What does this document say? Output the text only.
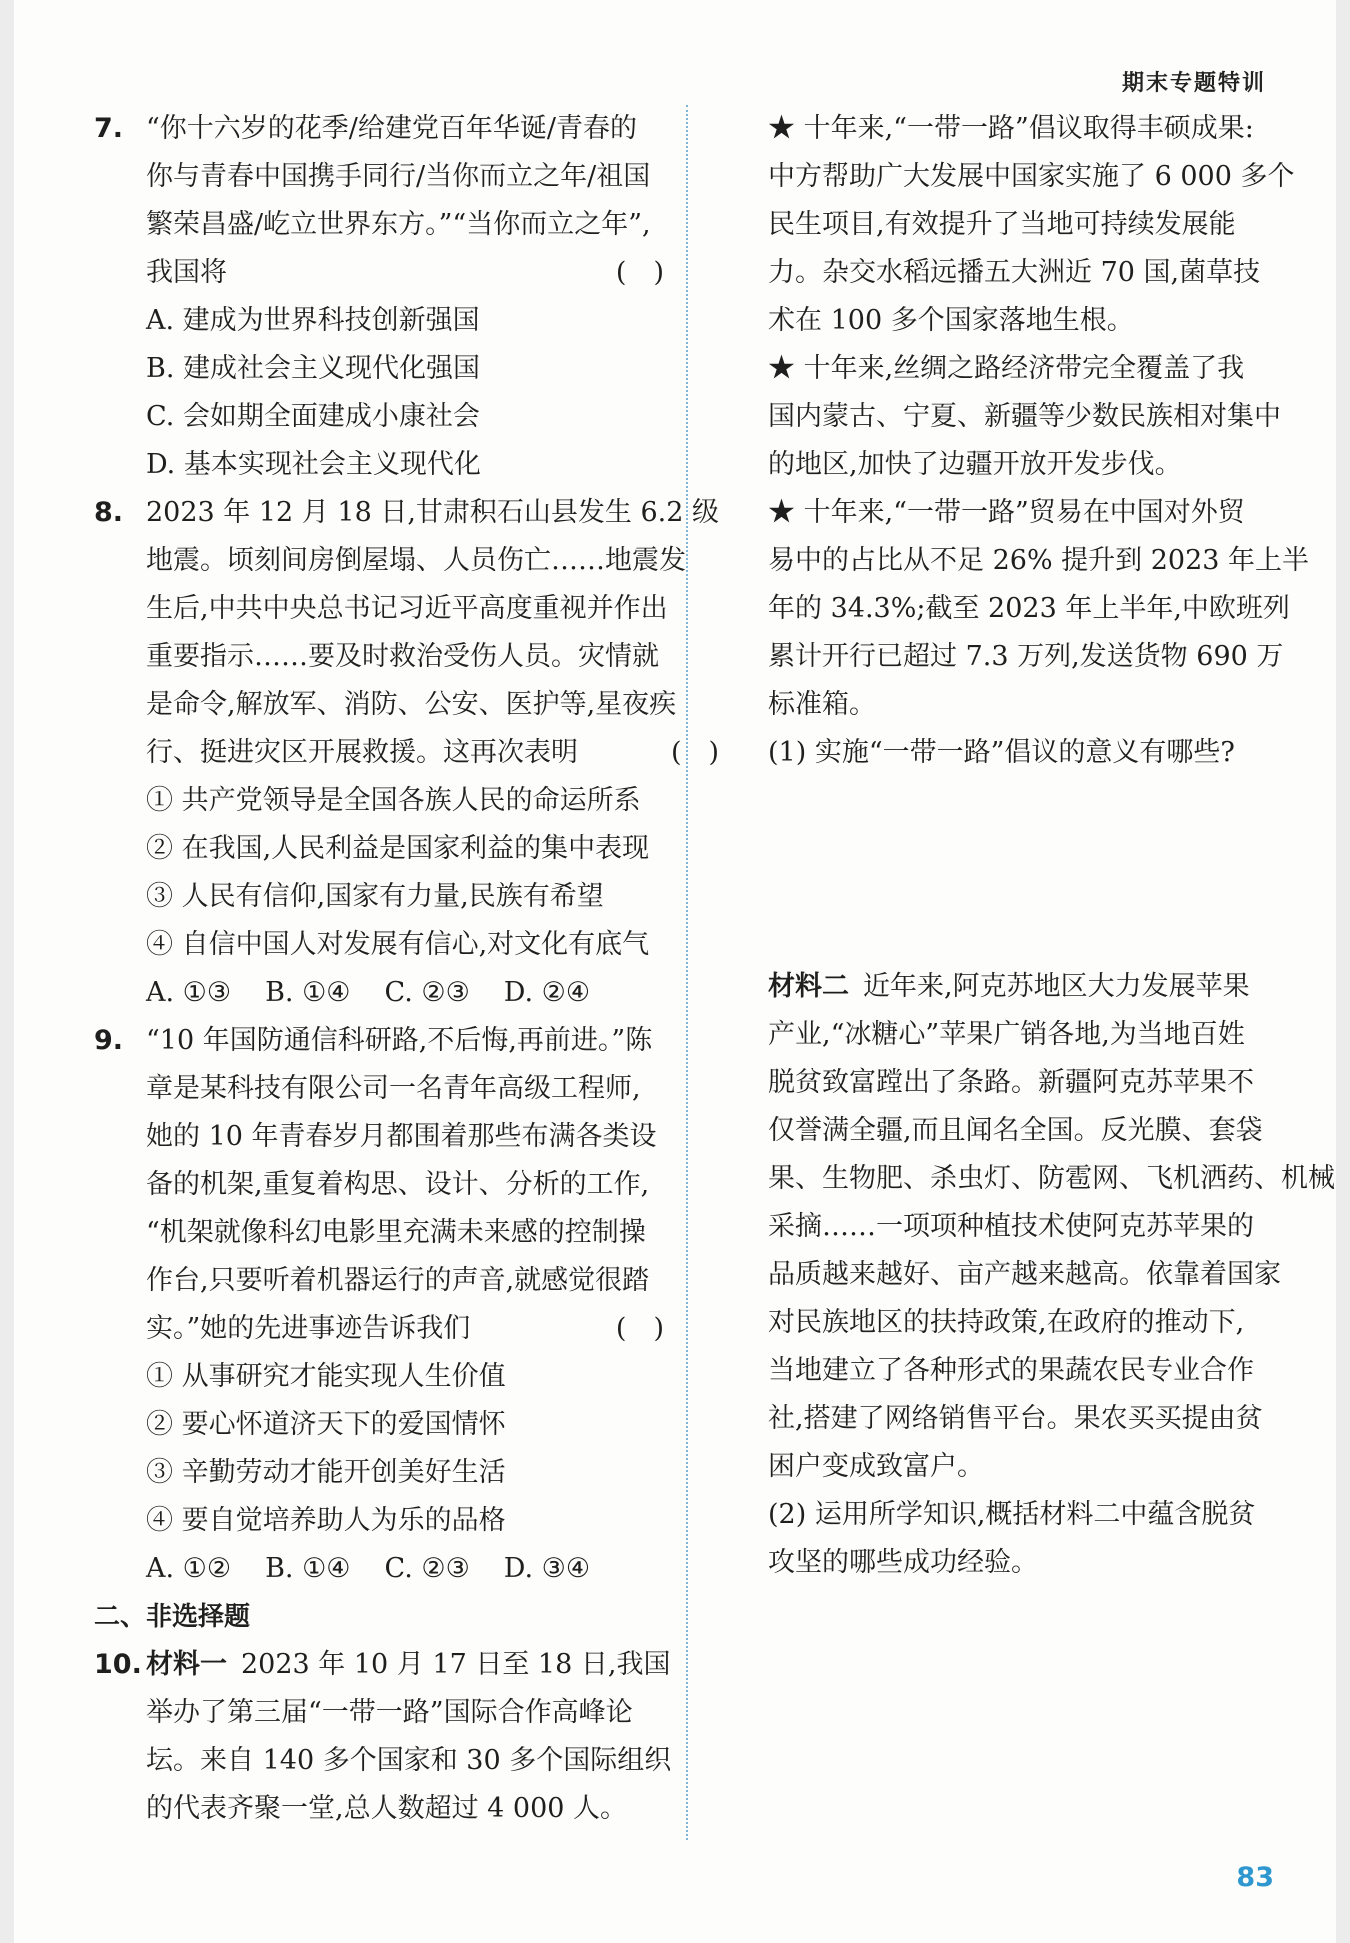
期末专题特训
7. “你十六岁的花季/给建党百年华诞/青春的
你与青春中国携手同行/当你而立之年/祖国
繁荣昌盛/屹立世界东方。”“当你而立之年”,
我国将	(　)
A. 建成为世界科技创新强国
B. 建成社会主义现代化强国
C. 会如期全面建成小康社会
D. 基本实现社会主义现代化
8. 2023 年 12 月 18 日,甘肃积石山县发生 6.2 级
地震。顷刻间房倒屋塌、人员伤亡……地震发
生后,中共中央总书记习近平高度重视并作出
重要指示……要及时救治受伤人员。灾情就
是命令,解放军、消防、公安、医护等,星夜疾
行、挺进灾区开展救援。这再次表明	(　)
① 共产党领导是全国各族人民的命运所系
② 在我国,人民利益是国家利益的集中表现
③ 人民有信仰,国家有力量,民族有希望
④ 自信中国人对发展有信心,对文化有底气
A. ①③ B. ①④ C. ②③ D. ②④
9. “10 年国防通信科研路,不后悔,再前进。”陈
章是某科技有限公司一名青年高级工程师,
她的 10 年青春岁月都围着那些布满各类设
备的机架,重复着构思、设计、分析的工作,
“机架就像科幻电影里充满未来感的控制操
作台,只要听着机器运行的声音,就感觉很踏
实。”她的先进事迹告诉我们	(　)
① 从事研究才能实现人生价值
② 要心怀道济天下的爱国情怀
③ 辛勤劳动才能开创美好生活
④ 要自觉培养助人为乐的品格
A. ①② B. ①④ C. ②③ D. ③④
二、非选择题
10. 材料一 2023 年 10 月 17 日至 18 日,我国
举办了第三届“一带一路”国际合作高峰论
坛。来自 140 多个国家和 30 多个国际组织
的代表齐聚一堂,总人数超过 4 000 人。
★ 十年来,“一带一路”倡议取得丰硕成果:
中方帮助广大发展中国家实施了 6 000 多个
民生项目,有效提升了当地可持续发展能
力。杂交水稻远播五大洲近 70 国,菌草技
术在 100 多个国家落地生根。
★ 十年来,丝绸之路经济带完全覆盖了我
国内蒙古、宁夏、新疆等少数民族相对集中
的地区,加快了边疆开放开发步伐。
★ 十年来,“一带一路”贸易在中国对外贸
易中的占比从不足 26% 提升到 2023 年上半
年的 34.3%;截至 2023 年上半年,中欧班列
累计开行已超过 7.3 万列,发送货物 690 万
标准箱。
(1) 实施“一带一路”倡议的意义有哪些?
材料二 近年来,阿克苏地区大力发展苹果
产业,“冰糖心”苹果广销各地,为当地百姓
脱贫致富蹚出了条路。新疆阿克苏苹果不
仅誉满全疆,而且闻名全国。反光膜、套袋
果、生物肥、杀虫灯、防雹网、飞机洒药、机械
采摘……一项项种植技术使阿克苏苹果的
品质越来越好、亩产越来越高。依靠着国家
对民族地区的扶持政策,在政府的推动下,
当地建立了各种形式的果蔬农民专业合作
社,搭建了网络销售平台。果农买买提由贫
困户变成致富户。
(2) 运用所学知识,概括材料二中蕴含脱贫
攻坚的哪些成功经验。
83
